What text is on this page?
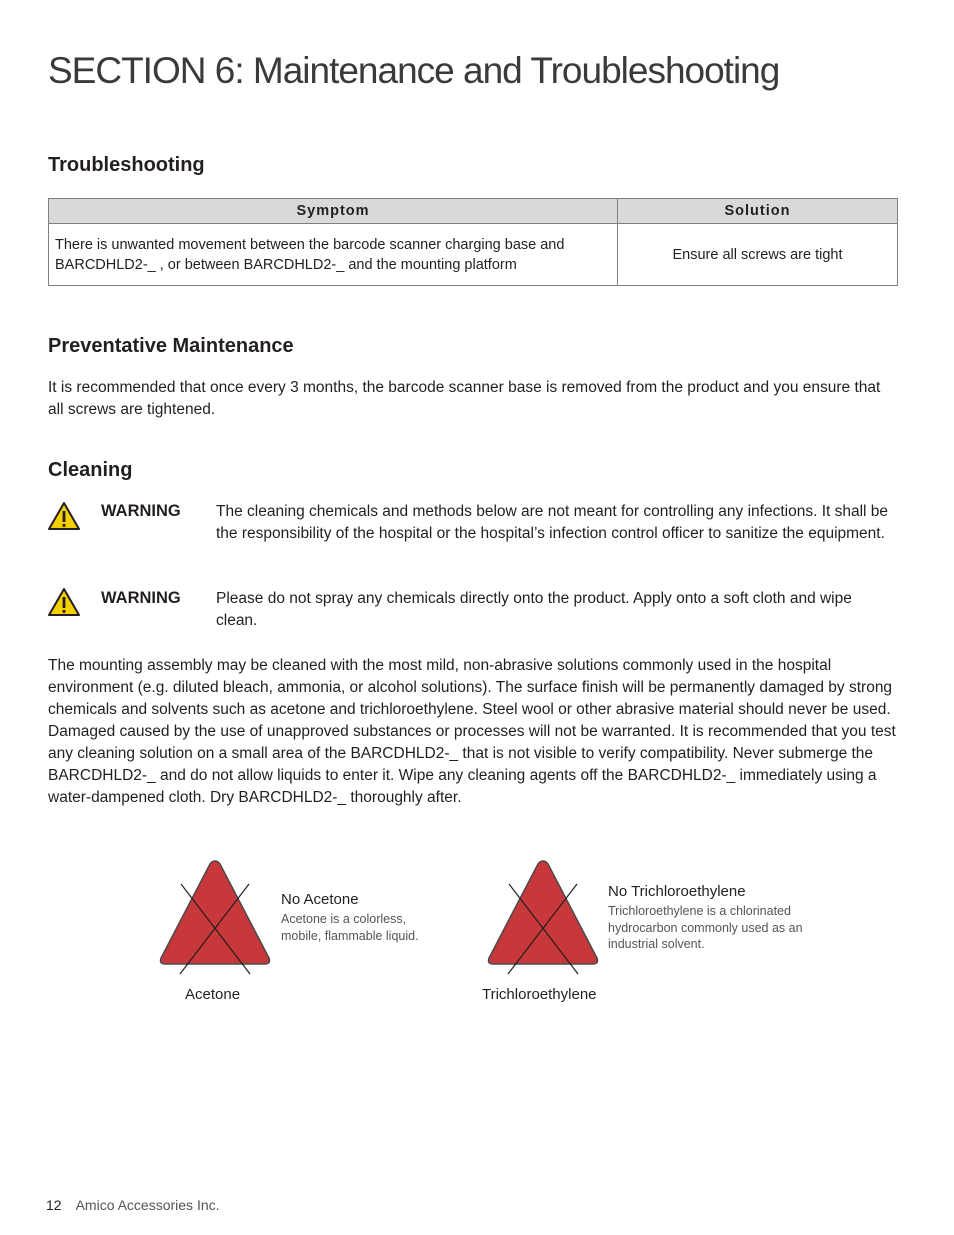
SECTION 6: Maintenance and Troubleshooting
Troubleshooting
Symptom	Solution
There is unwanted movement between the barcode scanner charging base and BARCDHLD2-_ , or between BARCDHLD2-_ and the mounting platform	Ensure all screws are tight
Preventative Maintenance

It is recommended that once every 3 months, the barcode scanner base is removed from the product and you ensure that all screws are tightened.

Cleaning

WARNING The cleaning chemicals and methods below are not meant for controlling any infections. It shall be the responsibility of the hospital or the hospital’s infection control officer to sanitize the equipment.

WARNING Please do not spray any chemicals directly onto the product. Apply onto a soft cloth and wipe clean.

The mounting assembly may be cleaned with the most mild, non-abrasive solutions commonly used in the hospital environment (e.g. diluted bleach, ammonia, or alcohol solutions). The surface finish will be permanently damaged by strong chemicals and solvents such as acetone and trichloroethylene. Steel wool or other abrasive material should never be used. Damaged caused by the use of unapproved substances or processes will not be warranted. It is recommended that you test any cleaning solution on a small area of the BARCDHLD2-_ that is not visible to verify compatibility. Never submerge the BARCDHLD2-_ and do not allow liquids to enter it. Wipe any cleaning agents off the BARCDHLD2-_ immediately using a water-dampened cloth. Dry BARCDHLD2-_ thoroughly after.

No Acetone

Acetone is a colorless, mobile, flammable liquid.

Acetone

No Trichloroethylene

Trichloroethylene is a chlorinated hydrocarbon commonly used as an industrial solvent.

Trichloroethylene

12 Amico Accessories Inc.
